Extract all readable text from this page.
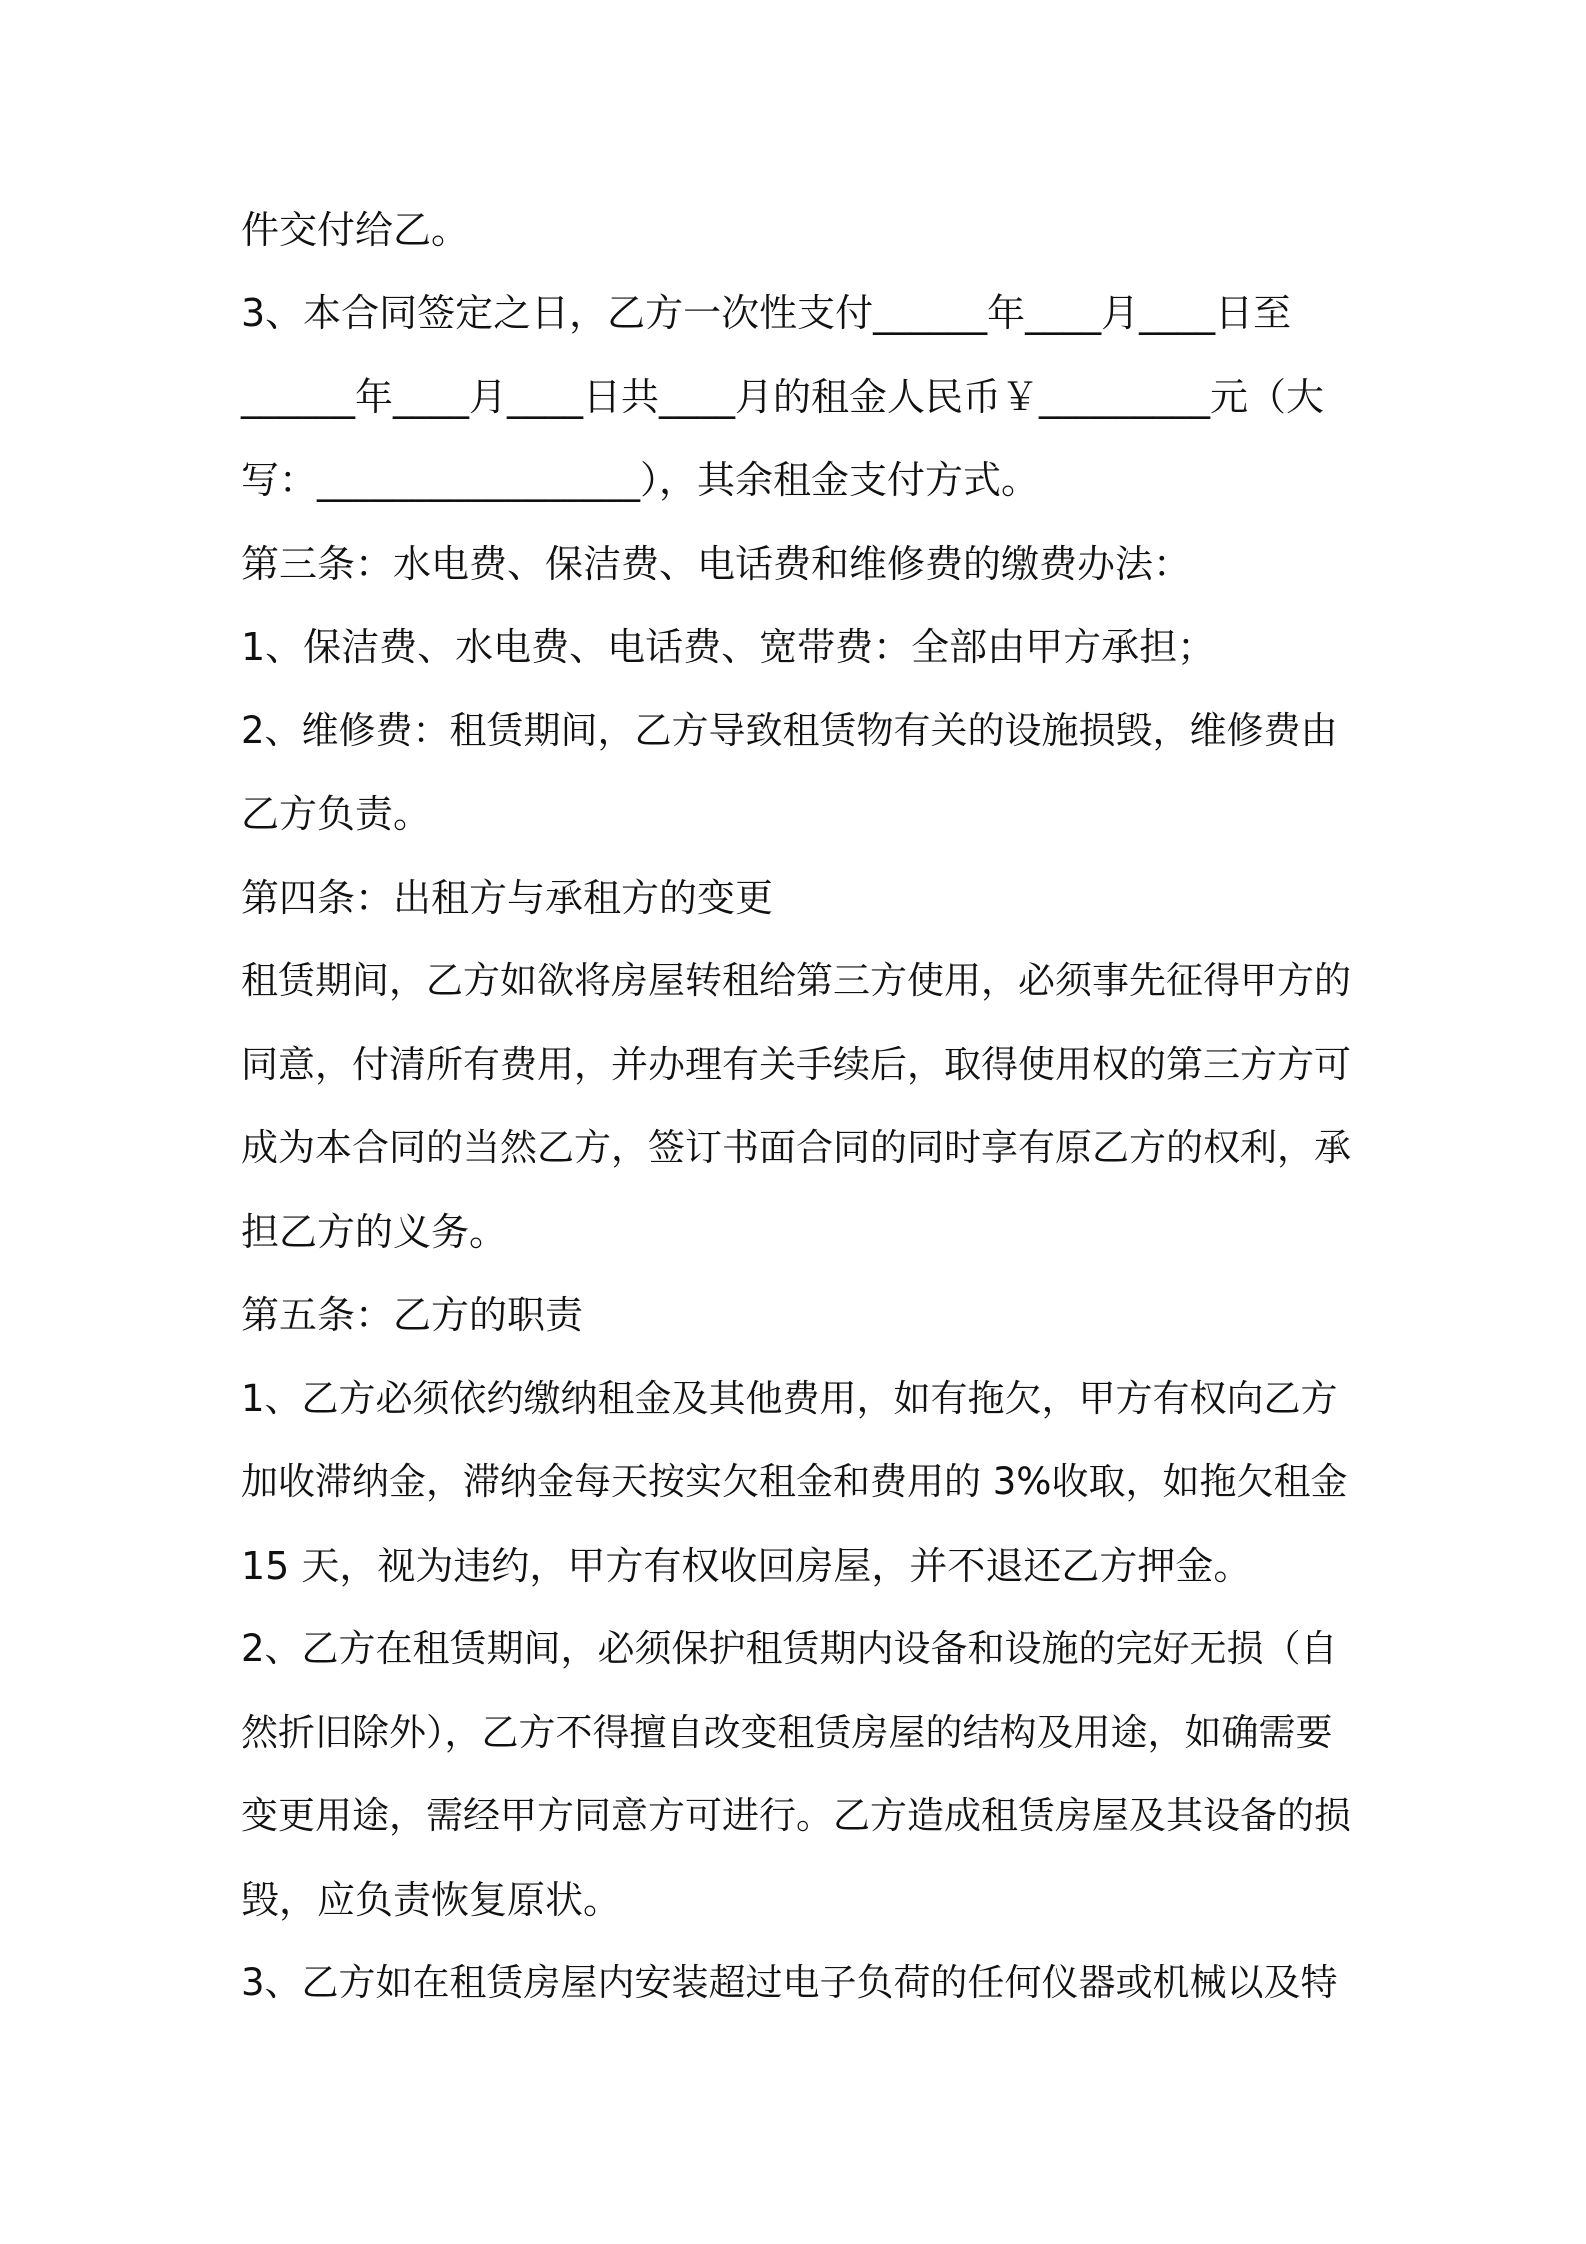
件交付给乙。
3、本合同签定之日，乙方一次性支付______年____月____日至
______年____月____日共____月的租金人民币￥_________元（大
写：_________________），其余租金支付方式。
第三条：水电费、保洁费、电话费和维修费的缴费办法：
1、保洁费、水电费、电话费、宽带费：全部由甲方承担；
2、维修费：租赁期间，乙方导致租赁物有关的设施损毁，维修费由
乙方负责。
第四条：出租方与承租方的变更
租赁期间，乙方如欲将房屋转租给第三方使用，必须事先征得甲方的
同意，付清所有费用，并办理有关手续后，取得使用权的第三方方可
成为本合同的当然乙方，签订书面合同的同时享有原乙方的权利，承
担乙方的义务。
第五条：乙方的职责
1、乙方必须依约缴纳租金及其他费用，如有拖欠，甲方有权向乙方
加收滞纳金，滞纳金每天按实欠租金和费用的 3%收取，如拖欠租金
15 天，视为违约，甲方有权收回房屋，并不退还乙方押金。
2、乙方在租赁期间，必须保护租赁期内设备和设施的完好无损（自
然折旧除外），乙方不得擅自改变租赁房屋的结构及用途，如确需要
变更用途，需经甲方同意方可进行。乙方造成租赁房屋及其设备的损
毁，应负责恢复原状。
3、乙方如在租赁房屋内安装超过电子负荷的任何仪器或机械以及特
